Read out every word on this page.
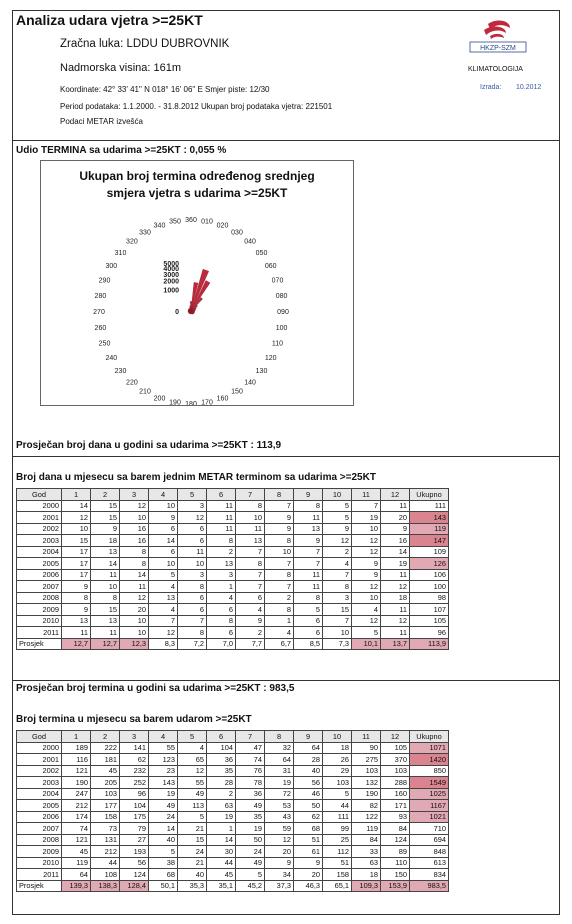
Analiza udara vjetra >=25KT
Zračna luka: LDDU DUBROVNIK
Nadmorska visina: 161m
Koordinate: 42° 33' 41" N 018° 16' 06" E Smjer piste: 12/30
Period podataka: 1.1.2000. - 31.8.2012 Ukupan broj podataka vjetra: 221501
Podaci METAR izvešća
HKZP-SZM
KLIMATOLOGIJA
Izrada: 10.2012
Udio TERMINA sa udarima >=25KT : 0,055 %
Ukupan broj termina određenog srednjeg
smjera vjetra s udarima >=25KT
0
1000
2000
3000
4000
5000
360 010
020
030
040
050
060
070
080
090
100
110
120
130
140
150
160
170
180
190
200
210
220
230
240
250
260
270
280
290
300
310
320
330
340
350
Prosječan broj dana u godini sa udarima >=25KT : 113,9
Broj dana u mjesecu sa barem jednim METAR terminom sa udarima >=25KT
God	1	2	3	4	5	6	7	8	9	10	11	12	Ukupno
2000	14	15	12	10	3	11	8	7	8	5	7	11	111
2001	12	15	10	9	12	11	10	9	11	5	19	20	143
2002	10	9	16	6	6	11	11	9	13	9	10	9	119
2003	15	18	16	14	6	8	13	8	9	12	12	16	147
2004	17	13	8	6	11	2	7	10	7	2	12	14	109
2005	17	14	8	10	10	13	8	7	7	4	9	19	126
2006	17	11	14	5	3	3	7	8	11	7	9	11	106
2007	9	10	11	4	8	1	7	7	11	8	12	12	100
2008	8	8	12	13	6	4	6	2	8	3	10	18	98
2009	9	15	20	4	6	6	4	8	5	15	4	11	107
2010	13	13	10	7	7	8	9	1	6	7	12	12	105
2011	11	11	10	12	8	6	2	4	6	10	5	11	96
Prosjek	12,7	12,7	12,3	8,3	7,2	7,0	7,7	6,7	8,5	7,3	10,1	13,7	113,9
Prosječan broj termina u godini sa udarima >=25KT : 983,5
Broj termina u mjesecu sa barem udarom >=25KT
God	1	2	3	4	5	6	7	8	9	10	11	12	Ukupno
2000	189	222	141	55	4	104	47	32	64	18	90	105	1071
2001	116	181	62	123	65	36	74	64	28	26	275	370	1420
2002	121	45	232	23	12	35	76	31	40	29	103	103	850
2003	190	205	252	143	55	28	78	19	56	103	132	288	1549
2004	247	103	96	19	49	2	36	72	46	5	190	160	1025
2005	212	177	104	49	113	63	49	53	50	44	82	171	1167
2006	174	158	175	24	5	19	35	43	62	111	122	93	1021
2007	74	73	79	14	21	1	19	59	68	99	119	84	710
2008	121	131	27	40	15	14	50	12	51	25	84	124	694
2009	45	212	193	5	24	30	24	20	61	112	33	89	848
2010	119	44	56	38	21	44	49	9	9	51	63	110	613
2011	64	108	124	68	40	45	5	34	20	158	18	150	834
Prosjek	139,3	138,3	128,4	50,1	35,3	35,1	45,2	37,3	46,3	65,1	109,3	153,9	983,5
